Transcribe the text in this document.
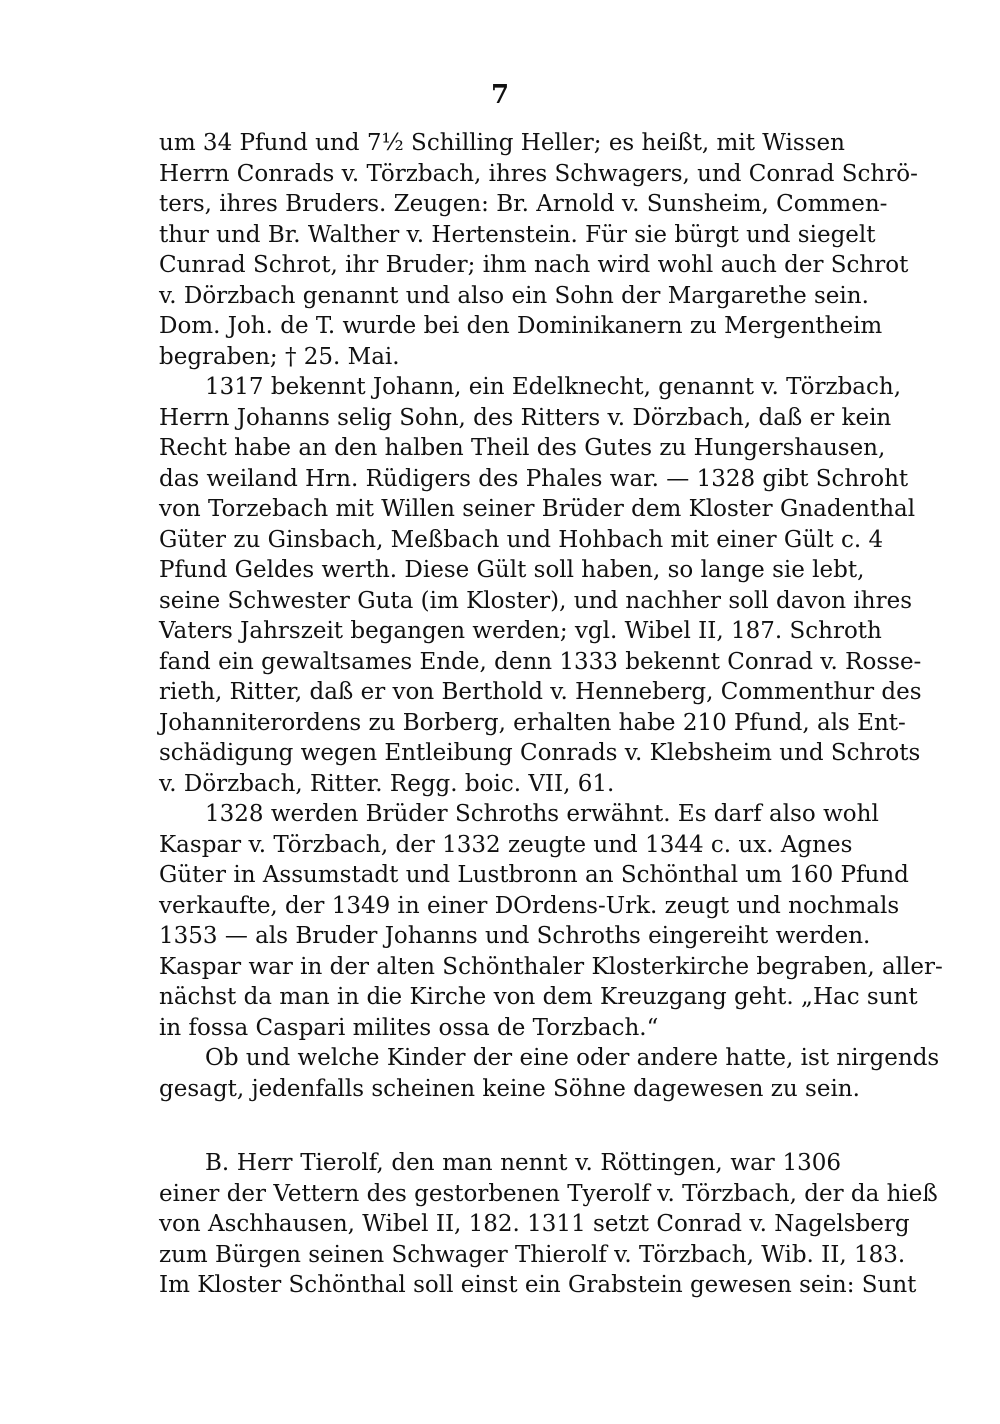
7
um 34 Pfund und 7½ Schilling Heller; es heißt, mit Wissen
Herrn Conrads v. Törzbach, ihres Schwagers, und Conrad Schrö-
ters, ihres Bruders. Zeugen: Br. Arnold v. Sunsheim, Commen-
thur und Br. Walther v. Hertenstein. Für sie bürgt und siegelt
Cunrad Schrot, ihr Bruder; ihm nach wird wohl auch der Schrot
v. Dörzbach genannt und also ein Sohn der Margarethe sein.
Dom. Joh. de T. wurde bei den Dominikanern zu Mergentheim
begraben; † 25. Mai.
1317 bekennt Johann, ein Edelknecht, genannt v. Törzbach,
Herrn Johanns selig Sohn, des Ritters v. Dörzbach, daß er kein
Recht habe an den halben Theil des Gutes zu Hungershausen,
das weiland Hrn. Rüdigers des Phales war. — 1328 gibt Schroht
von Torzebach mit Willen seiner Brüder dem Kloster Gnadenthal
Güter zu Ginsbach, Meßbach und Hohbach mit einer Gült c. 4
Pfund Geldes werth. Diese Gült soll haben, so lange sie lebt,
seine Schwester Guta (im Kloster), und nachher soll davon ihres
Vaters Jahrszeit begangen werden; vgl. Wibel II, 187. Schroth
fand ein gewaltsames Ende, denn 1333 bekennt Conrad v. Rosse-
rieth, Ritter, daß er von Berthold v. Henneberg, Commenthur des
Johanniterordens zu Borberg, erhalten habe 210 Pfund, als Ent-
schädigung wegen Entleibung Conrads v. Klebsheim und Schrots
v. Dörzbach, Ritter. Regg. boic. VII, 61.
1328 werden Brüder Schroths erwähnt. Es darf also wohl
Kaspar v. Törzbach, der 1332 zeugte und 1344 c. ux. Agnes
Güter in Assumstadt und Lustbronn an Schönthal um 160 Pfund
verkaufte, der 1349 in einer DOrdens-Urk. zeugt und nochmals
1353 — als Bruder Johanns und Schroths eingereiht werden.
Kaspar war in der alten Schönthaler Klosterkirche begraben, aller-
nächst da man in die Kirche von dem Kreuzgang geht. „Hac sunt
in fossa Caspari milites ossa de Torzbach.“
Ob und welche Kinder der eine oder andere hatte, ist nirgends
gesagt, jedenfalls scheinen keine Söhne dagewesen zu sein.
B. Herr Tierolf, den man nennt v. Röttingen, war 1306
einer der Vettern des gestorbenen Tyerolf v. Törzbach, der da hieß
von Aschhausen, Wibel II, 182. 1311 setzt Conrad v. Nagelsberg
zum Bürgen seinen Schwager Thierolf v. Törzbach, Wib. II, 183.
Im Kloster Schönthal soll einst ein Grabstein gewesen sein: Sunt
